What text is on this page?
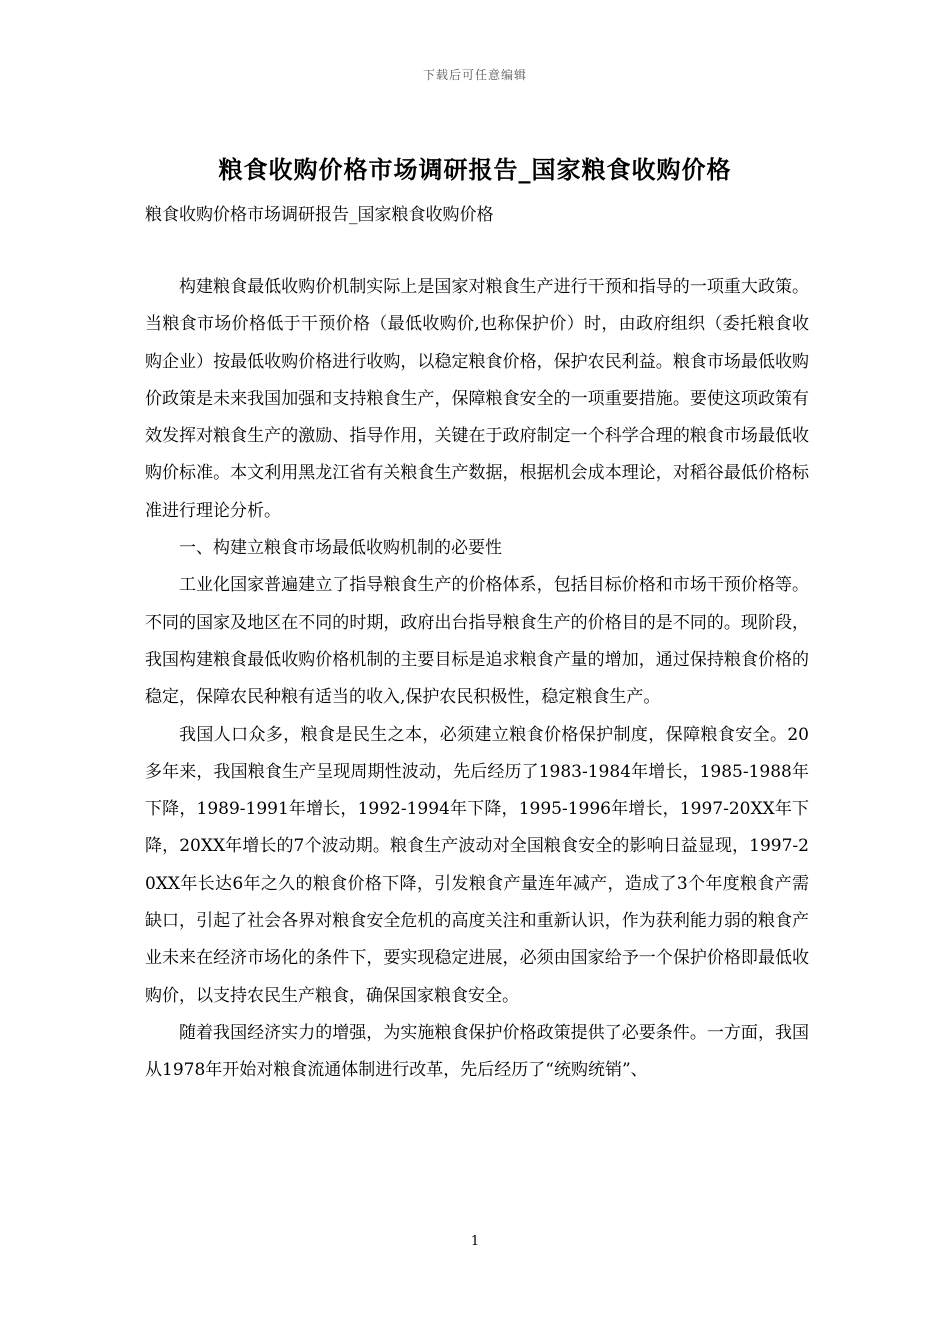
下载后可任意编辑
粮食收购价格市场调研报告_国家粮食收购价格

粮食收购价格市场调研报告_国家粮食收购价格

构建粮食最低收购价机制实际上是国家对粮食生产进行干预和指导的一项重大政策。当粮食市场价格低于干预价格（最低收购价,也称保护价）时，由政府组织（委托粮食收购企业）按最低收购价格进行收购，以稳定粮食价格，保护农民利益。粮食市场最低收购价政策是未来我国加强和支持粮食生产，保障粮食安全的一项重要措施。要使这项政策有效发挥对粮食生产的激励、指导作用，关键在于政府制定一个科学合理的粮食市场最低收购价标准。本文利用黑龙江省有关粮食生产数据，根据机会成本理论，对稻谷最低价格标准进行理论分析。

一、构建立粮食市场最低收购机制的必要性

工业化国家普遍建立了指导粮食生产的价格体系，包括目标价格和市场干预价格等。不同的国家及地区在不同的时期，政府出台指导粮食生产的价格目的是不同的。现阶段，我国构建粮食最低收购价格机制的主要目标是追求粮食产量的增加，通过保持粮食价格的稳定，保障农民种粮有适当的收入,保护农民积极性，稳定粮食生产。

我国人口众多，粮食是民生之本，必须建立粮食价格保护制度，保障粮食安全。20多年来，我国粮食生产呈现周期性波动，先后经历了1983-1984年增长，1985-1988年下降，1989-1991年增长，1992-1994年下降，1995-1996年增长，1997-20XX年下降，20XX年增长的7个波动期。粮食生产波动对全国粮食安全的影响日益显现，1997-20XX年长达6年之久的粮食价格下降，引发粮食产量连年减产，造成了3个年度粮食产需缺口，引起了社会各界对粮食安全危机的高度关注和重新认识，作为获利能力弱的粮食产业未来在经济市场化的条件下，要实现稳定进展，必须由国家给予一个保护价格即最低收购价，以支持农民生产粮食，确保国家粮食安全。

随着我国经济实力的增强，为实施粮食保护价格政策提供了必要条件。一方面，我国从1978年开始对粮食流通体制进行改革，先后经历了“统购统销”、

1
